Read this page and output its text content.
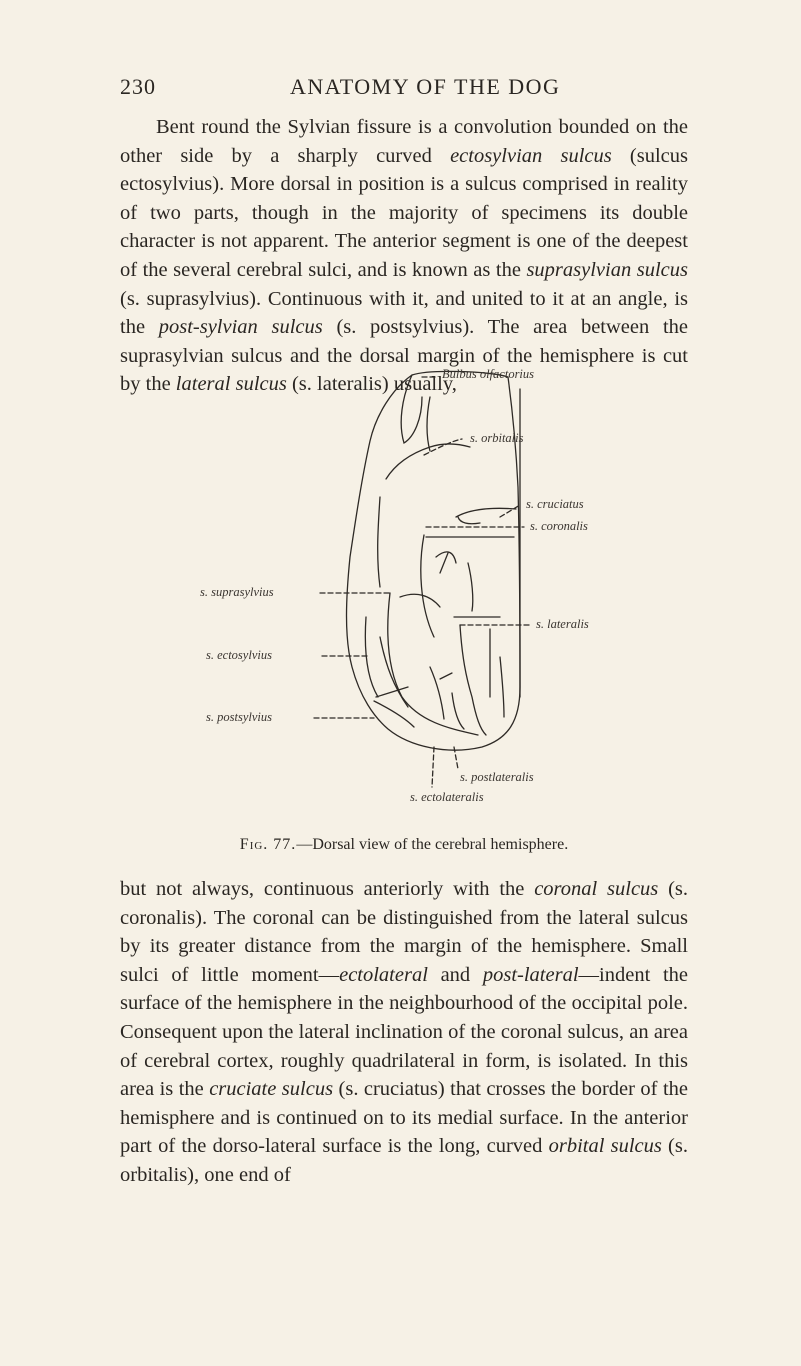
230	ANATOMY OF THE DOG

Bent round the Sylvian fissure is a convolution bounded on the other side by a sharply curved ectosylvian sulcus (sulcus ectosylvius). More dorsal in position is a sulcus comprised in reality of two parts, though in the majority of specimens its double character is not apparent. The anterior segment is one of the deepest of the several cerebral sulci, and is known as the suprasylvian sulcus (s. suprasylvius). Continuous with it, and united to it at an angle, is the post-sylvian sulcus (s. postsylvius). The area between the suprasylvian sulcus and the dorsal margin of the hemisphere is cut by the lateral sulcus (s. lateralis) usually,

Bulbus olfactorius
s. orbitalis
s. cruciatus
s. coronalis
s. lateralis
s. suprasylvius
s. ectosylvius
s. postsylvius
s. postlateralis
s. ectolateralis
Fig. 77.—Dorsal view of the cerebral hemisphere.

but not always, continuous anteriorly with the coronal sulcus (s. coronalis). The coronal can be distinguished from the lateral sulcus by its greater distance from the margin of the hemisphere. Small sulci of little moment—ectolateral and post-lateral—indent the surface of the hemisphere in the neighbourhood of the occipital pole. Consequent upon the lateral inclination of the coronal sulcus, an area of cerebral cortex, roughly quadrilateral in form, is isolated. In this area is the cruciate sulcus (s. cruciatus) that crosses the border of the hemisphere and is continued on to its medial surface. In the anterior part of the dorso-lateral surface is the long, curved orbital sulcus (s. orbitalis), one end of
